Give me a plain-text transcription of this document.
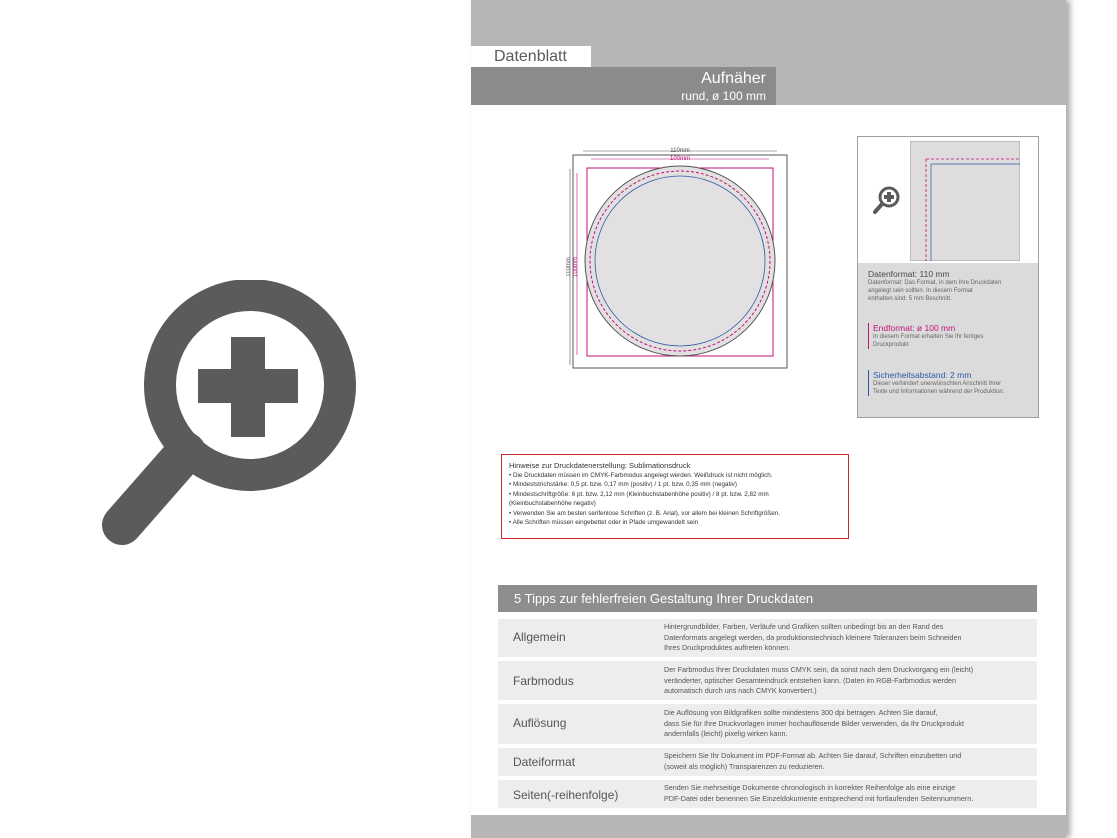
Datenblatt
Aufnäher
rund, ø 100 mm
110mm
100mm
110mm 100mm	Datenformat: 110 mm
Datenformat: Das Format, in dem Ihre Druckdaten
angelegt sein sollten. In diesem Format
enthalten sind: 5 mm Beschnitt.
Endformat: ø 100 mm
In diesem Format erhalten Sie Ihr fertiges
Druckprodukt
Sicherheitsabstand: 2 mm
Dieser verhindert unerwünschten Anschnitt Ihrer
Texte und Informationen während der Produktion.
Hinweise zur Druckdatenerstellung: Sublimationsdruck
• Die Druckdaten müssen im CMYK-Farbmodus angelegt werden. Weißdruck ist nicht möglich.
• Mindeststrichstärke: 0,5 pt. bzw. 0,17 mm (positiv) / 1 pt. bzw. 0,35 mm (negativ)
• Mindestschriftgröße: 6 pt. bzw. 2,12 mm (Kleinbuchstabenhöhe positiv) / 8 pt. bzw. 2,82 mm
(Kleinbuchstabenhöhe negativ)
• Verwenden Sie am besten serifenlose Schriften (z. B. Arial), vor allem bei kleinen Schriftgrößen.
• Alle Schriften müssen eingebettet oder in Pfade umgewandelt sein
5 Tipps zur fehlerfreien Gestaltung Ihrer Druckdaten
Allgemein
Hintergrundbilder, Farben, Verläufe und Grafiken sollten unbedingt bis an den Rand des
Datenformats angelegt werden, da produktionstechnisch kleinere Toleranzen beim Schneiden
Ihres Druckproduktes auftreten können.
Farbmodus
Der Farbmodus Ihrer Druckdaten muss CMYK sein, da sonst nach dem Druckvorgang ein (leicht)
veränderter, optischer Gesamteindruck entstehen kann. (Daten im RGB-Farbmodus werden
automatisch durch uns nach CMYK konvertiert.)
Auflösung
Die Auflösung von Bildgrafiken sollte mindestens 300 dpi betragen. Achten Sie darauf,
dass Sie für Ihre Druckvorlagen immer hochauflösende Bilder verwenden, da Ihr Druckprodukt
andernfalls (leicht) pixelig wirken kann.
Dateiformat	Speichern Sie Ihr Dokument im PDF-Format ab. Achten Sie darauf, Schriften einzubetten und
(soweit als möglich) Transparenzen zu reduzieren.
Seiten(-reihenfolge)
Senden Sie mehrseitige Dokumente chronologisch in korrekter Reihenfolge als eine einzige
PDF-Datei oder benennen Sie Einzeldokumente entsprechend mit fortlaufenden Seitennummern.
